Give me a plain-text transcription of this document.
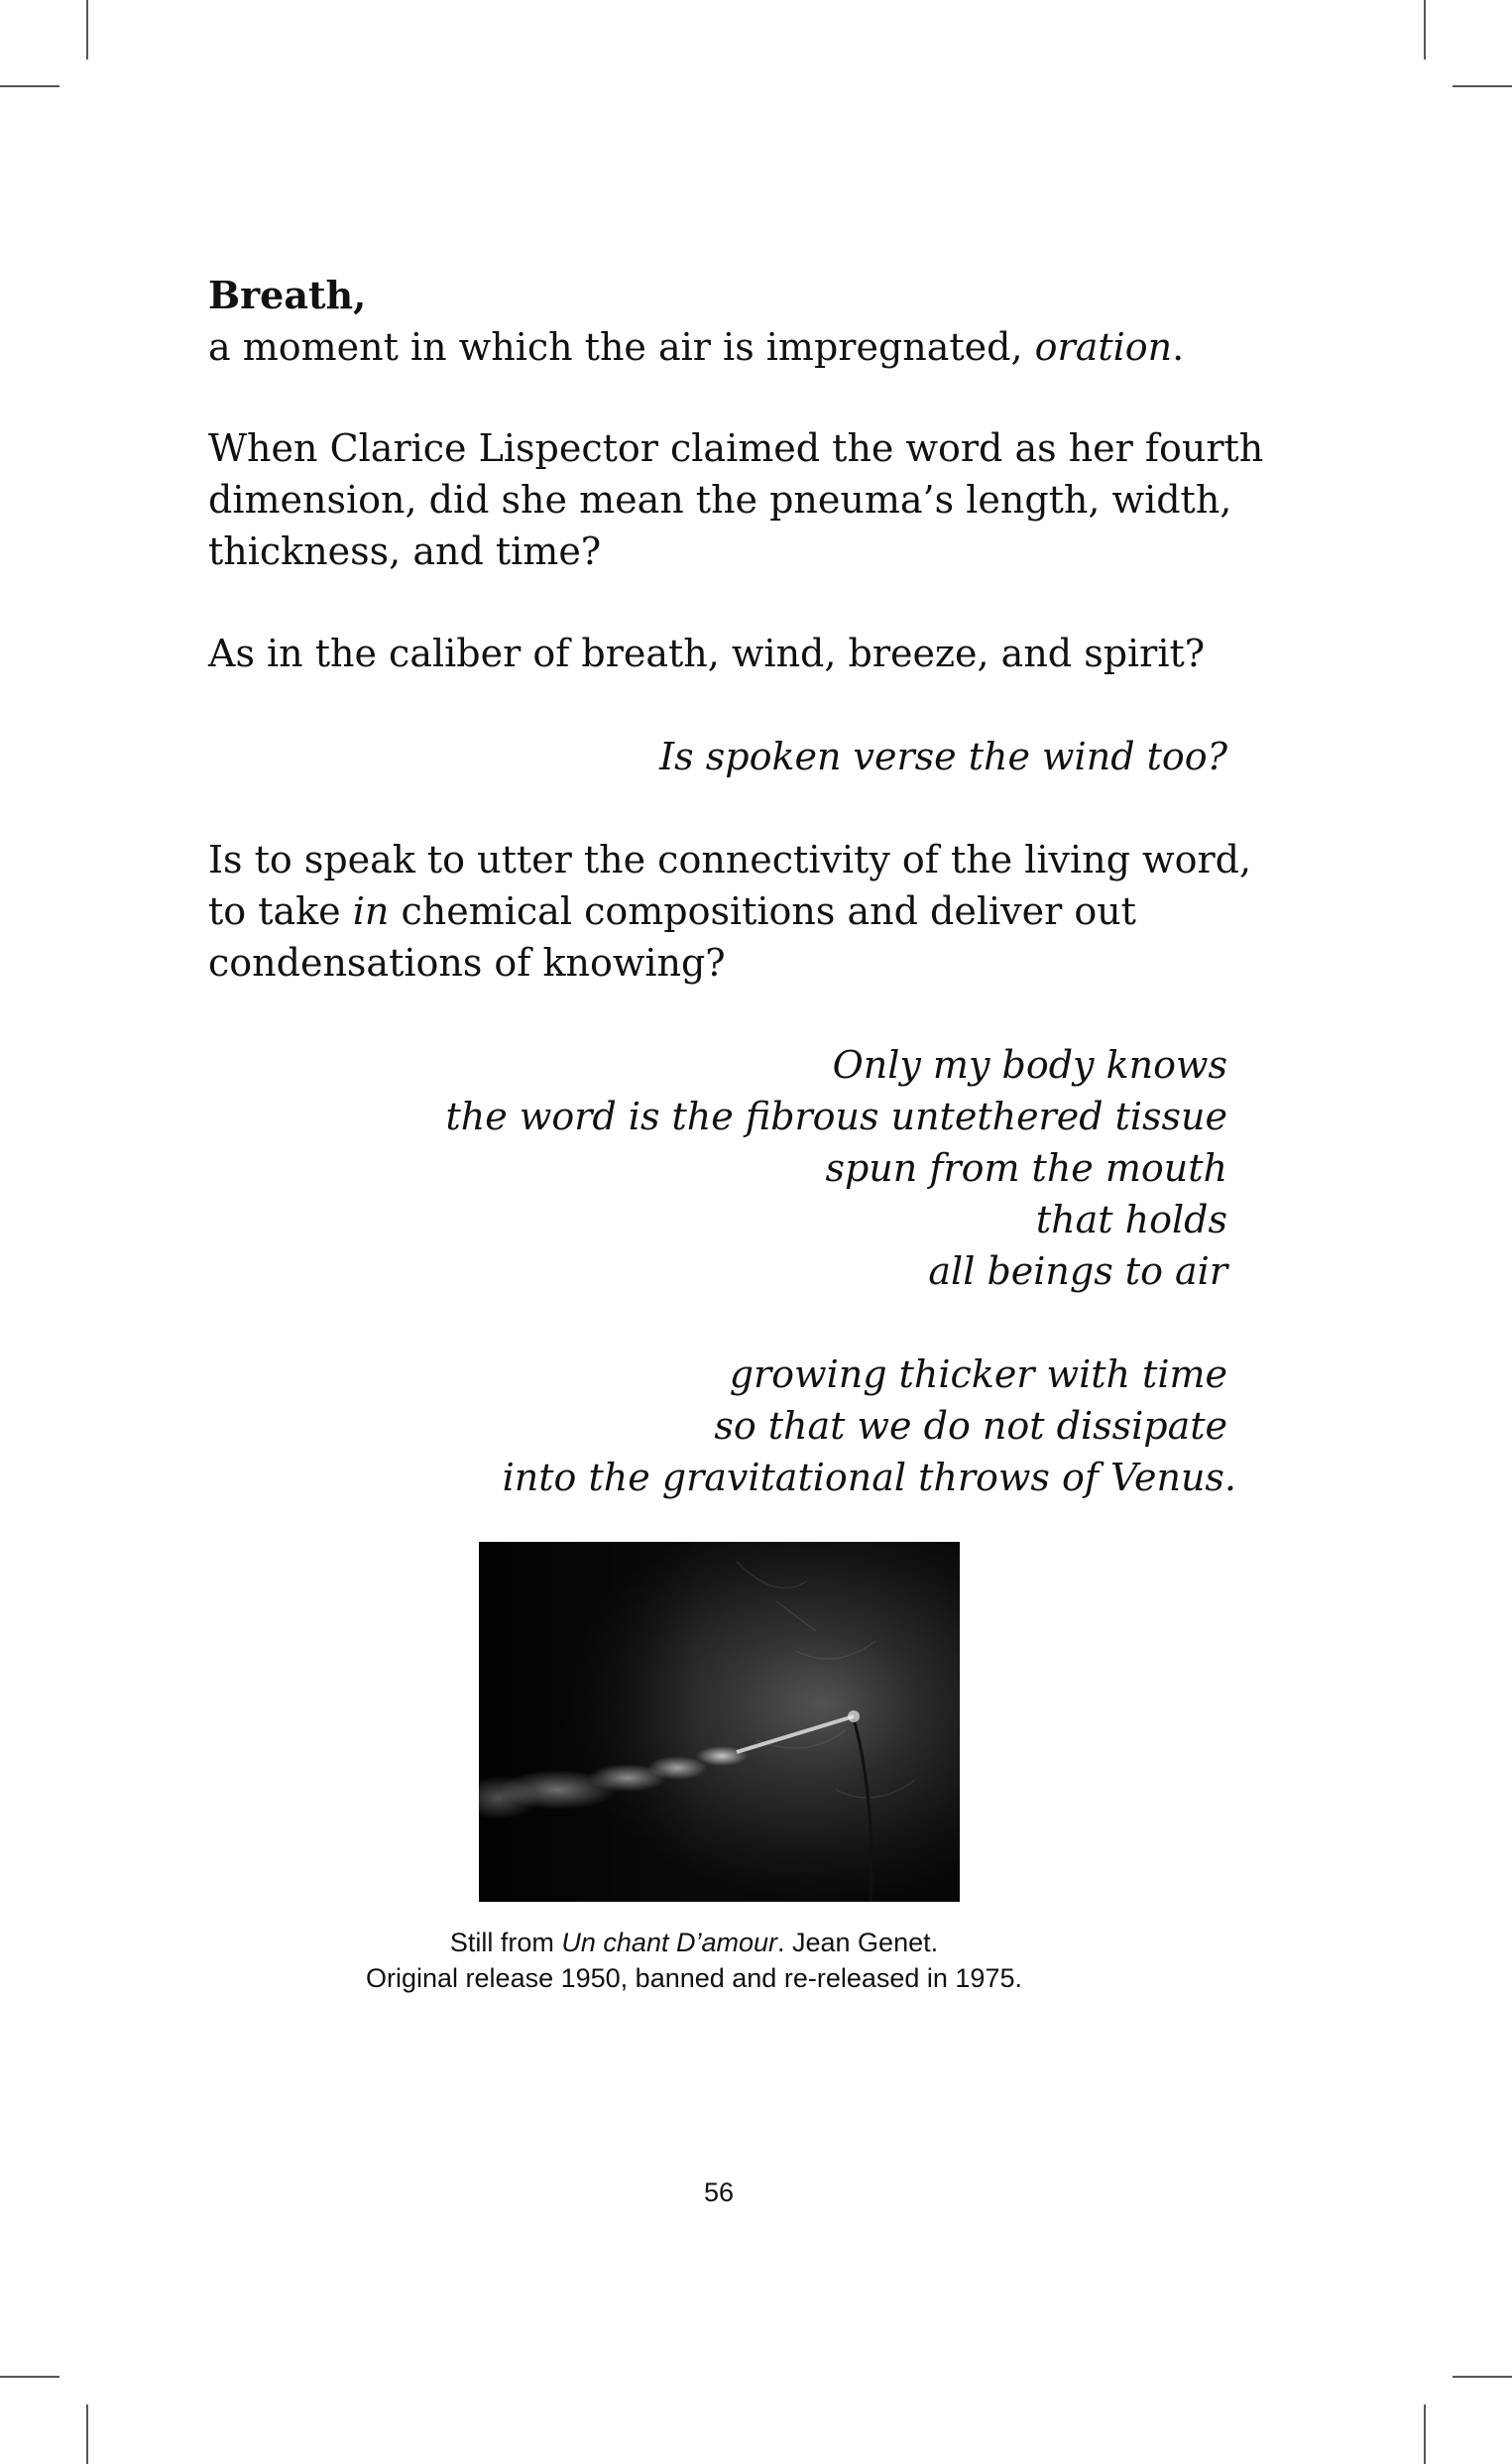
Breath,

a moment in which the air is impregnated, oration.

When Clarice Lispector claimed the word as her fourth

dimension, did she mean the pneuma’s length, width,

thickness, and time?

As in the caliber of breath, wind, breeze, and spirit?

Is spoken verse the wind too?

Is to speak to utter the connectivity of the living word,

to take in chemical compositions and deliver out

condensations of knowing?

Only my body knows

the word is the fibrous untethered tissue

spun from the mouth

that holds

all beings to air

growing thicker with time

so that we do not dissipate

into the gravitational throws of Venus.

Still from Un chant D’amour. Jean Genet.

Original release 1950, banned and re-released in 1975.

56
